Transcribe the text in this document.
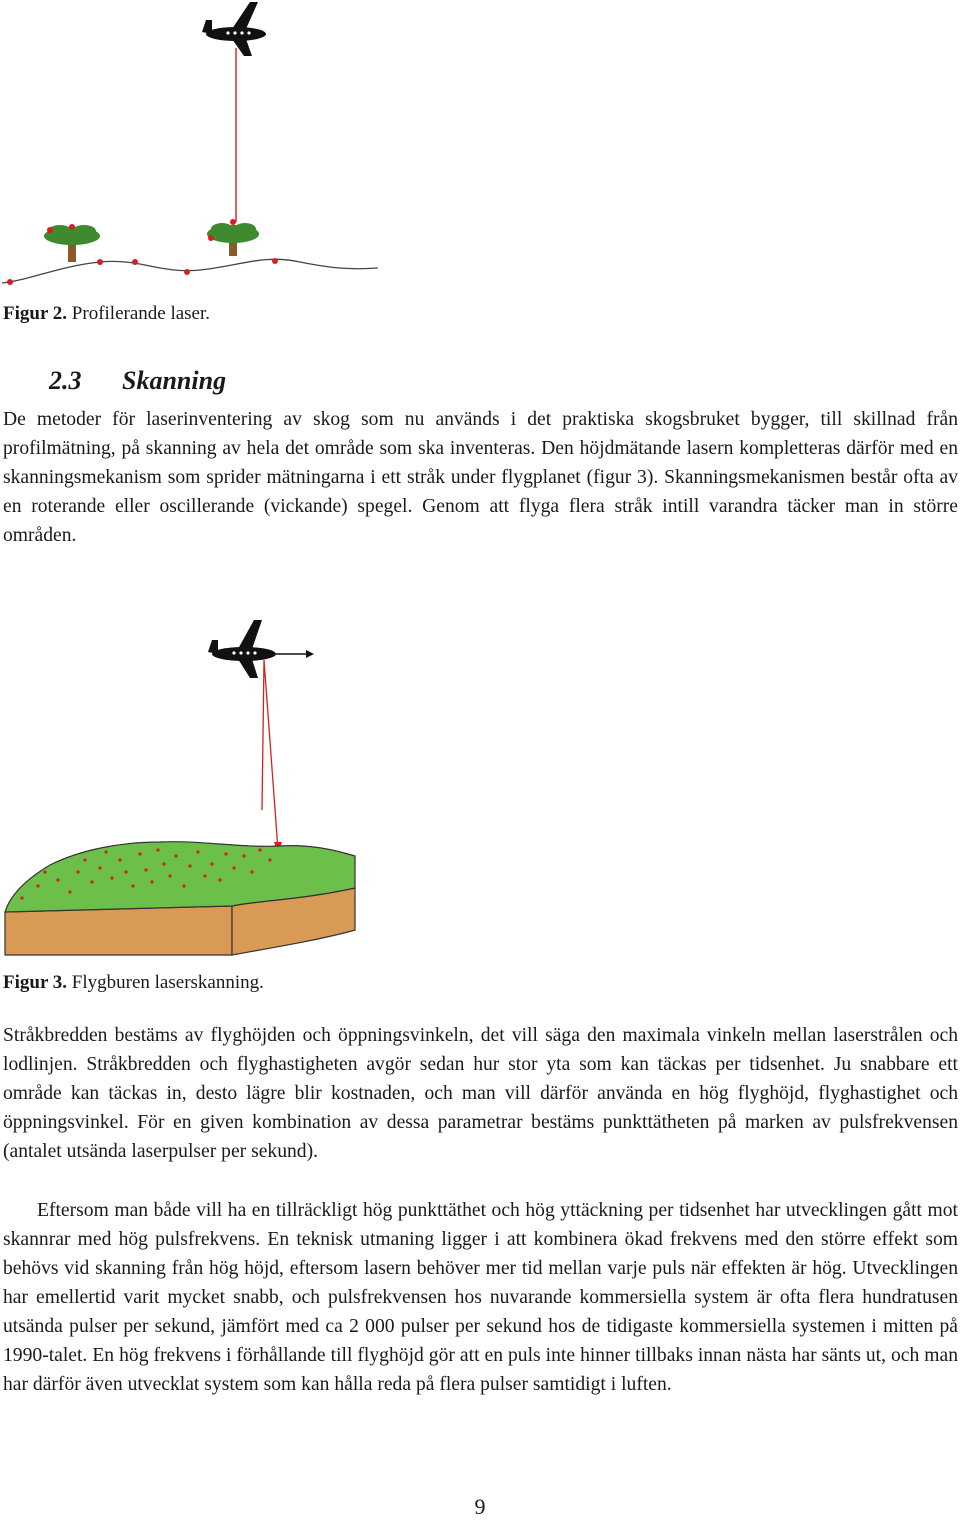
Figur 2. Profilerande laser.
2.3 Skanning

De metoder för laserinventering av skog som nu används i det praktiska skogsbruket bygger, till skillnad från profilmätning, på skanning av hela det område som ska inventeras. Den höjdmätande lasern kompletteras därför med en skanningsmekanism som sprider mätningarna i ett stråk under flygplanet (figur 3). Skanningsmekanismen består ofta av en roterande eller oscillerande (vickande) spegel. Genom att flyga flera stråk intill varandra täcker man in större områden.

Figur 3. Flygburen laserskanning.

Stråkbredden bestäms av flyghöjden och öppningsvinkeln, det vill säga den maximala vinkeln mellan laserstrålen och lodlinjen. Stråkbredden och flyghastigheten avgör sedan hur stor yta som kan täckas per tidsenhet. Ju snabbare ett område kan täckas in, desto lägre blir kostnaden, och man vill därför använda en hög flyghöjd, flyghastighet och öppningsvinkel. För en given kombination av dessa parametrar bestäms punkttätheten på marken av pulsfrekvensen (antalet utsända laserpulser per sekund).

Eftersom man både vill ha en tillräckligt hög punkttäthet och hög yttäckning per tidsenhet har utvecklingen gått mot skannrar med hög pulsfrekvens. En teknisk utmaning ligger i att kombinera ökad frekvens med den större effekt som behövs vid skanning från hög höjd, eftersom lasern behöver mer tid mellan varje puls när effekten är hög. Utvecklingen har emellertid varit mycket snabb, och pulsfrekvensen hos nuvarande kommersiella system är ofta flera hundratusen utsända pulser per sekund, jämfört med ca 2 000 pulser per sekund hos de tidigaste kommersiella systemen i mitten på 1990-talet. En hög frekvens i förhållande till flyghöjd gör att en puls inte hinner tillbaks innan nästa har sänts ut, och man har därför även utvecklat system som kan hålla reda på flera pulser samtidigt i luften.

9
